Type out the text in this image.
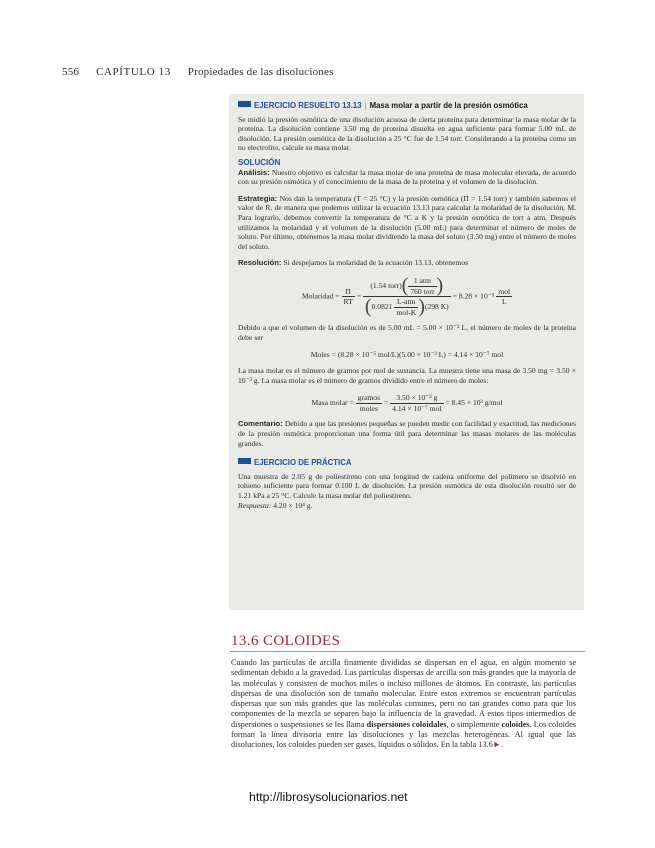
556 CAPÍTULO 13 Propiedades de las disoluciones
EJERCICIO RESUELTO 13.13 | Masa molar a partir de la presión osmótica

Se midió la presión osmótica de una disolución acuosa de cierta proteína para determinar la masa molar de la proteína. La disolución contiene 3.50 mg de proteína disuelta en agua suficiente para formar 5.00 mL de disolución. La presión osmótica de la disolución a 25 °C fue de 1.54 torr. Considerando a la proteína como un no electrolito, calcule su masa molar.

SOLUCIÓN

Análisis: Nuestro objetivo es calcular la masa molar de una proteína de masa molecular elevada, de acuerdo con su presión osmótica y el conocimiento de la masa de la proteína y el volumen de la disolución.

Estrategia: Nos dan la temperatura (T = 25 °C) y la presión osmótica (Π = 1.54 torr) y también sabemos el valor de R, de manera que podemos utilizar la ecuación 13.13 para calcular la molaridad de la disolución, M. Para lograrlo, debemos convertir la temperatura de °C a K y la presión osmótica de torr a atm. Después utilizamos la molaridad y el volumen de la disolución (5.00 mL) para determinar el número de moles de soluto. Por último, obtenemos la masa molar dividiendo la masa del soluto (3.50 mg) entre el número de moles del soluto.

Resolución: Si despejamos la molaridad de la ecuación 13.13, obtenemos

Molaridad = $\frac{\Pi}{RT} = \frac{(1.54 torr)( \frac{\text{1 atm}}{\text{760 torr}} )}{(0.0821 \frac{\text{L-atm}}{\text{mol-K}} )(298 K)} = 8.28 \times 10^{-5} \frac{\text{mol}}{L}$

Debido a que el volumen de la disolución es de 5.00 mL = 5.00 × 10⁻³ L, el número de moles de la proteína debe ser

Moles = (8.28 × 10⁻⁵ mol/L)(5.00 × 10⁻³ L) = 4.14 × 10⁻⁷ mol

La masa molar es el número de gramos por mol de sustancia. La muestra tiene una masa de 3.50 mg = 3.50 × 10⁻³ g. La masa molar es el número de gramos dividido entre el número de moles:

Masa molar = $\frac{\text{gramos}}{\text{moles}} = \frac{\text{3.50 × 10⁻³ g}}{\text{4.14 × 10⁻⁷ mol}} = 8.45 \times 10^3$ g/mol

Comentario: Debido a que las presiones pequeñas se pueden medir con facilidad y exactitud, las mediciones de la presión osmótica proporcionan una forma útil para determinar las masas molares de las moléculas grandes.

EJERCICIO DE PRÁCTICA

Una muestra de 2.05 g de poliestireno con una longitud de cadena uniforme del polímero se disolvió en tolueno suficiente para formar 0.100 L de disolución. La presión osmótica de esta disolución resultó ser de 1.21 kPa a 25 °C. Calcule la masa molar del poliestireno.

Respuesta: 4.20 × 10⁴ g.

13.6 COLOIDES
Cuando las partículas de arcilla finamente divididas se dispersan en el agua, en algún momento se sedimentan debido a la gravedad. Las partículas dispersas de arcilla son más grandes que la mayoría de las moléculas y consisten de muchos miles o incluso millones de átomos. En contraste, las partículas dispersas de una disolución son de tamaño molecular. Entre estos extremos se encuentran partículas dispersas que son más grandes que las moléculas comunes, pero no tan grandes como para que los componentes de la mezcla se separen bajo la influencia de la gravedad. A estos tipos intermedios de dispersiones o suspensiones se les llama dispersiones coloidales, o simplemente coloides. Los coloides forman la línea divisoria entre las disoluciones y las mezclas heterogéneas. Al igual que las disoluciones, los coloides pueden ser gases, líquidos o sólidos. En la tabla 13.6►.
http://librosysolucionarios.net
